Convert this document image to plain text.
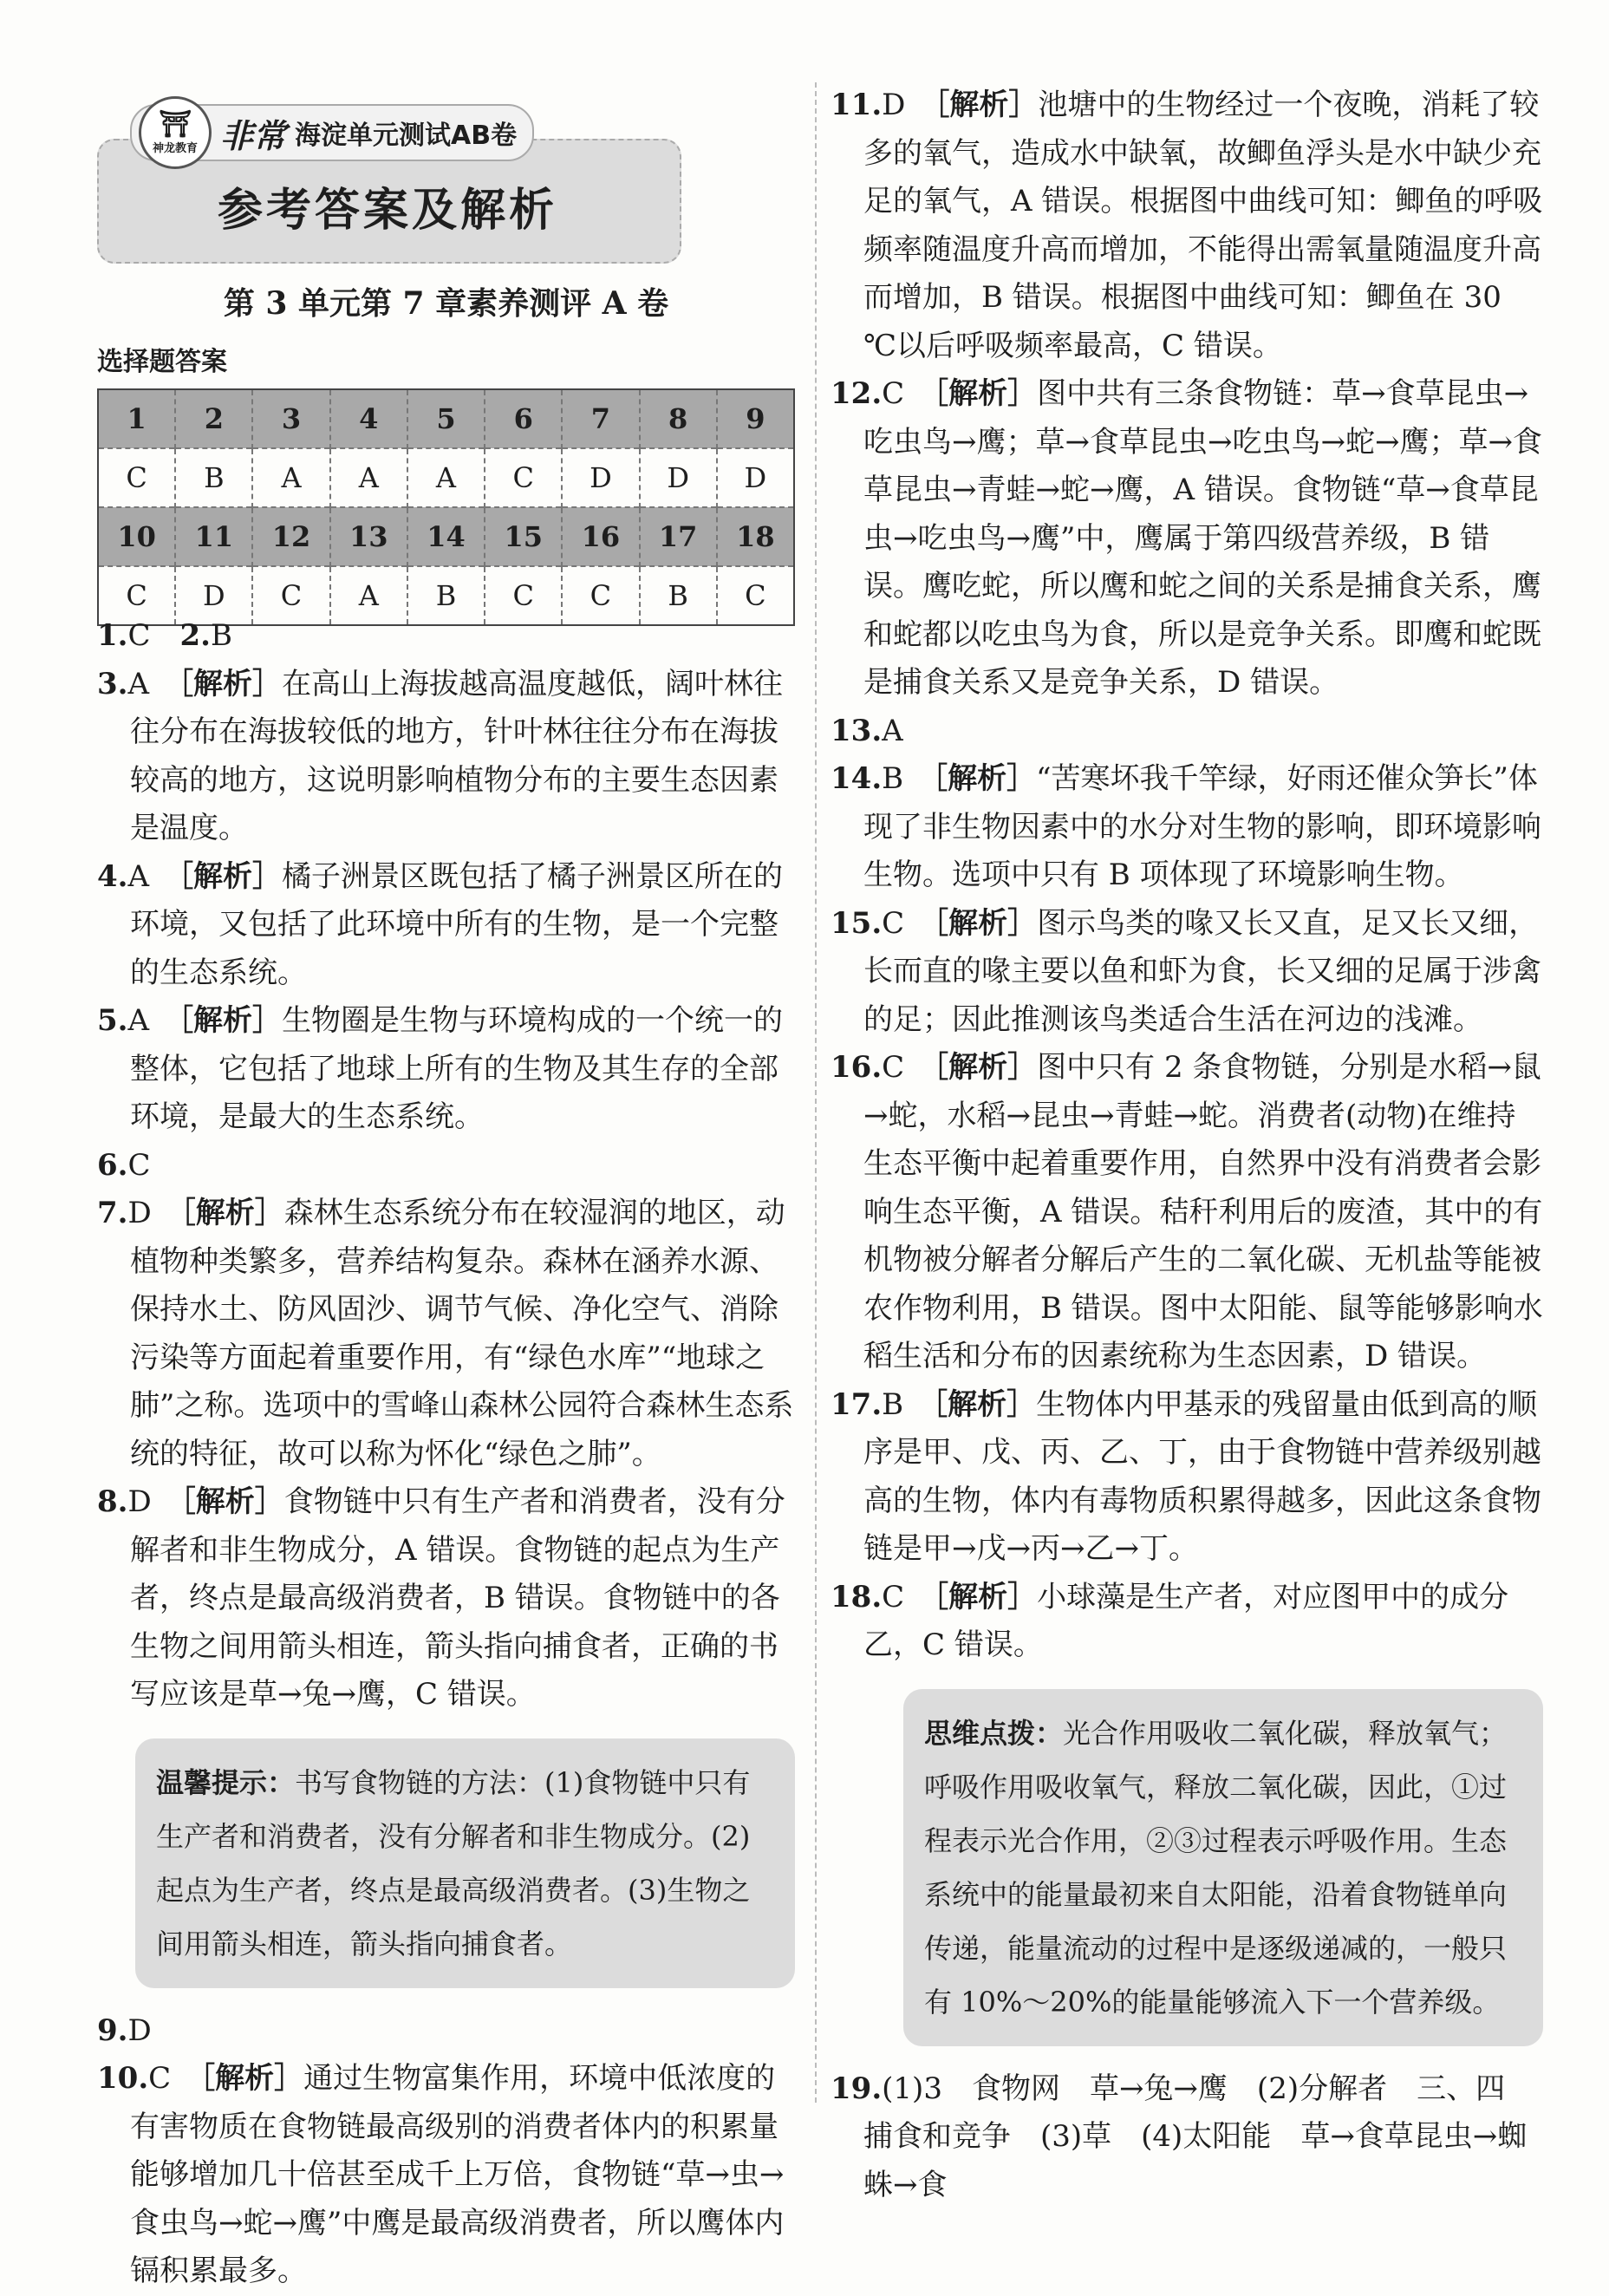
⛩
神龙教育 非常 海淀单元测试AB卷
参考答案及解析
第 3 单元第 7 章素养测评 A 卷
选择题答案
1	2	3	4	5	6	7	8	9
C	B	A	A	A	C	D	D	D
10	11	12	13	14	15	16	17	18
C	D	C	A	B	C	C	B	C

1.C　 2.B

3.A　 ［解析］在高山上海拔越高温度越低，阔叶林往往分布在海拔较低的地方，针叶林往往分布在海拔较高的地方，这说明影响植物分布的主要生态因素是温度。

4.A　 ［解析］橘子洲景区既包括了橘子洲景区所在的环境，又包括了此环境中所有的生物，是一个完整的生态系统。

5.A　 ［解析］生物圈是生物与环境构成的一个统一的整体，它包括了地球上所有的生物及其生存的全部环境，是最大的生态系统。

6.C

7.D　 ［解析］森林生态系统分布在较湿润的地区，动植物种类繁多，营养结构复杂。森林在涵养水源、保持水土、防风固沙、调节气候、净化空气、消除污染等方面起着重要作用，有“绿色水库”“地球之肺”之称。选项中的雪峰山森林公园符合森林生态系统的特征，故可以称为怀化“绿色之肺”。

8.D　 ［解析］食物链中只有生产者和消费者，没有分解者和非生物成分，A 错误。食物链的起点为生产者，终点是最高级消费者，B 错误。食物链中的各生物之间用箭头相连，箭头指向捕食者，正确的书写应该是草→兔→鹰，C 错误。

温馨提示：书写食物链的方法：(1)食物链中只有生产者和消费者，没有分解者和非生物成分。(2)起点为生产者，终点是最高级消费者。(3)生物之间用箭头相连，箭头指向捕食者。

9.D

10.C　 ［解析］通过生物富集作用，环境中低浓度的有害物质在食物链最高级别的消费者体内的积累量能够增加几十倍甚至成千上万倍，食物链“草→虫→食虫鸟→蛇→鹰”中鹰是最高级消费者，所以鹰体内镉积累最多。

11.D　 ［解析］池塘中的生物经过一个夜晚，消耗了较多的氧气，造成水中缺氧，故鲫鱼浮头是水中缺少充足的氧气，A 错误。根据图中曲线可知：鲫鱼的呼吸频率随温度升高而增加，不能得出需氧量随温度升高而增加，B 错误。根据图中曲线可知：鲫鱼在 30 ℃以后呼吸频率最高，C 错误。

12.C　 ［解析］图中共有三条食物链：草→食草昆虫→吃虫鸟→鹰；草→食草昆虫→吃虫鸟→蛇→鹰；草→食草昆虫→青蛙→蛇→鹰，A 错误。食物链“草→食草昆虫→吃虫鸟→鹰”中，鹰属于第四级营养级，B 错误。鹰吃蛇，所以鹰和蛇之间的关系是捕食关系，鹰和蛇都以吃虫鸟为食，所以是竞争关系。即鹰和蛇既是捕食关系又是竞争关系，D 错误。

13.A

14.B　 ［解析］“苦寒坏我千竿绿，好雨还催众笋长”体现了非生物因素中的水分对生物的影响，即环境影响生物。选项中只有 B 项体现了环境影响生物。

15.C　 ［解析］图示鸟类的喙又长又直，足又长又细，长而直的喙主要以鱼和虾为食，长又细的足属于涉禽的足；因此推测该鸟类适合生活在河边的浅滩。

16.C　 ［解析］图中只有 2 条食物链，分别是水稻→鼠→蛇，水稻→昆虫→青蛙→蛇。消费者(动物)在维持生态平衡中起着重要作用，自然界中没有消费者会影响生态平衡，A 错误。秸秆利用后的废渣，其中的有机物被分解者分解后产生的二氧化碳、无机盐等能被农作物利用，B 错误。图中太阳能、鼠等能够影响水稻生活和分布的因素统称为生态因素，D 错误。

17.B　 ［解析］生物体内甲基汞的残留量由低到高的顺序是甲、戊、丙、乙、丁，由于食物链中营养级别越高的生物，体内有毒物质积累得越多，因此这条食物链是甲→戊→丙→乙→丁。

18.C　 ［解析］小球藻是生产者，对应图甲中的成分乙，C 错误。

思维点拨：光合作用吸收二氧化碳，释放氧气；呼吸作用吸收氧气，释放二氧化碳，因此，①过程表示光合作用，②③过程表示呼吸作用。生态系统中的能量最初来自太阳能，沿着食物链单向传递，能量流动的过程中是逐级递减的，一般只有 10%～20%的能量能够流入下一个营养级。

19.(1)3　食物网　草→兔→鹰　(2)分解者　三、四　捕食和竞争　(3)草　(4)太阳能　草→食草昆虫→蜘蛛→食
